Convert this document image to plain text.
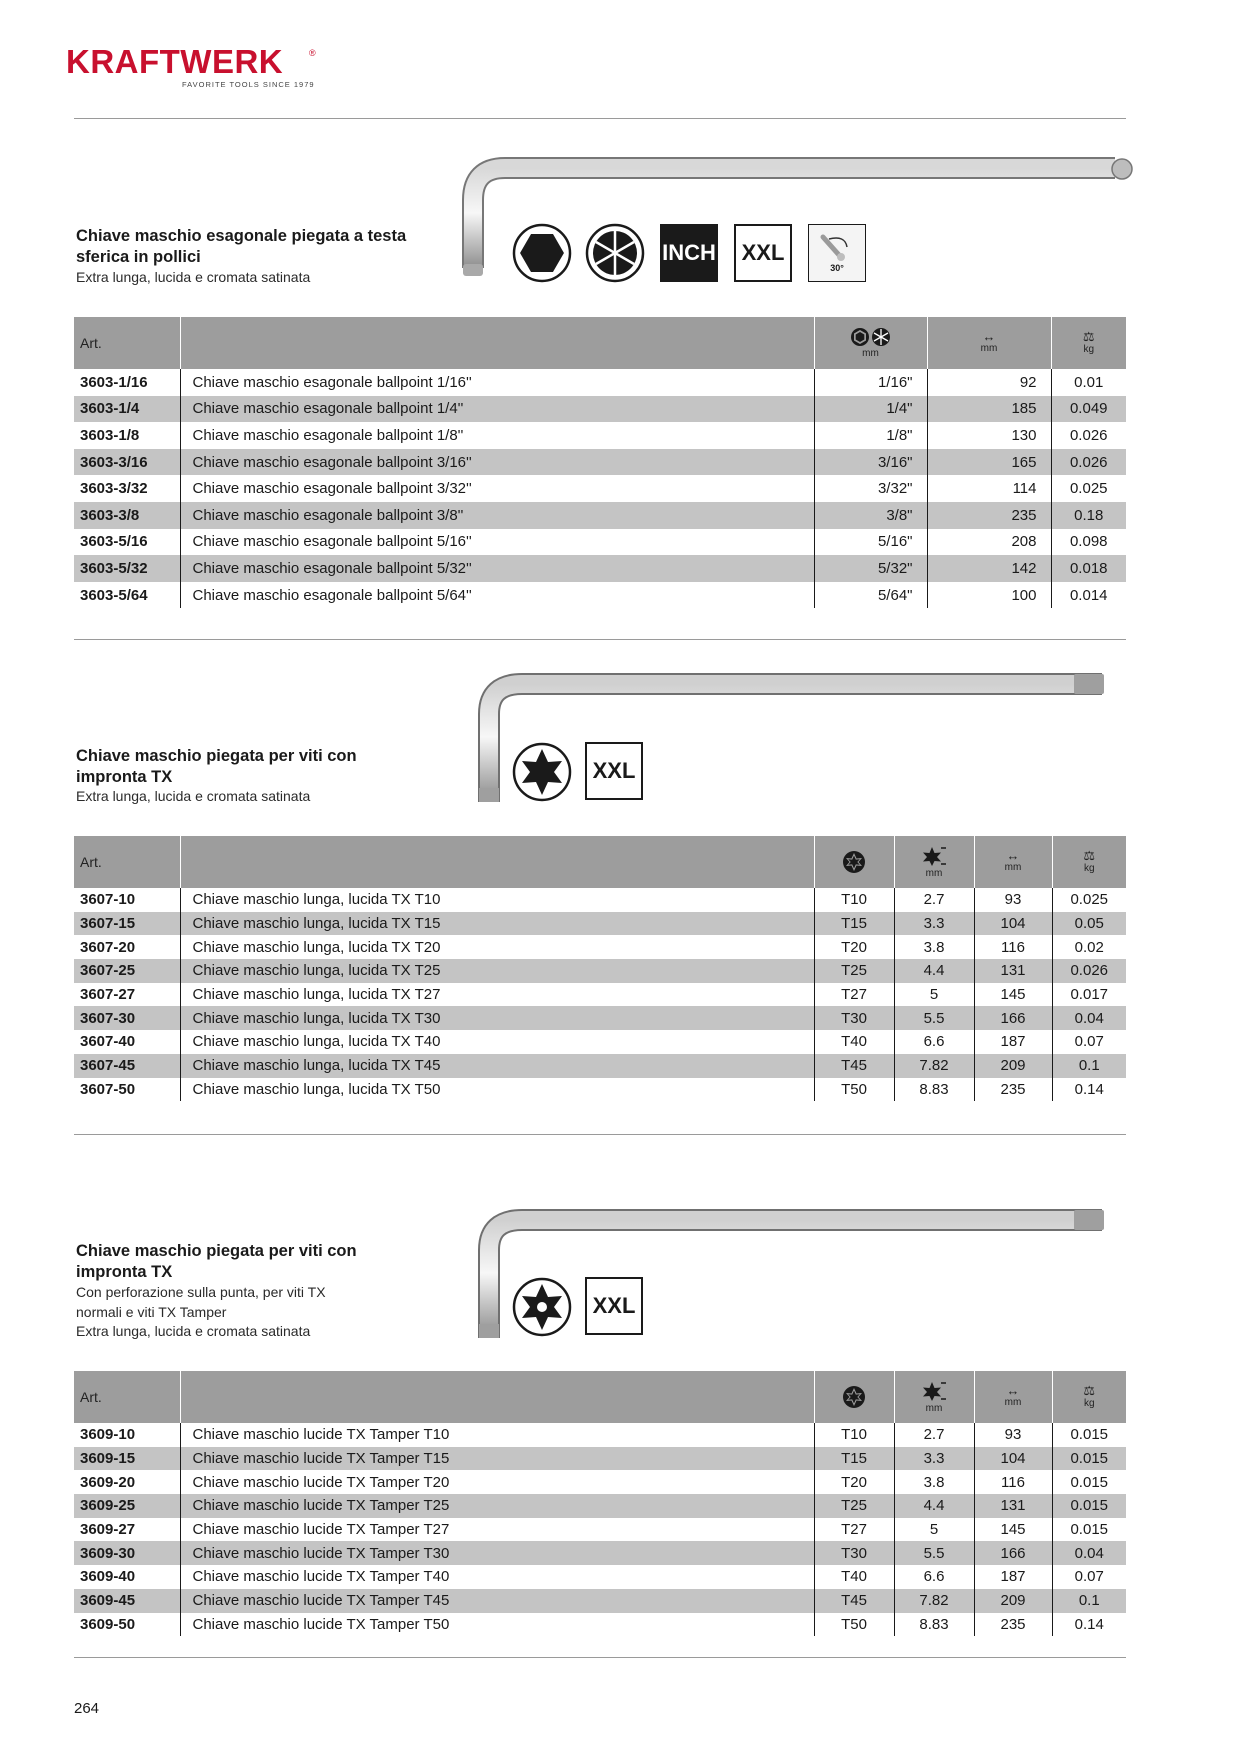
KRAFTWERK	®
FAVORITE TOOLS SINCE 1979
Chiave maschio esagonale piegata a testa sferica in pollici
Extra lunga, lucida e cromata satinata
INCH	XXL
30°
Art.		mm	↔
mm	⚖
kg

3603-1/16	Chiave maschio esagonale ballpoint 1/16''	1/16"	92	0.01
3603-1/4	Chiave maschio esagonale ballpoint 1/4''	1/4"	185	0.049
3603-1/8	Chiave maschio esagonale ballpoint 1/8''	1/8"	130	0.026
3603-3/16	Chiave maschio esagonale ballpoint 3/16''	3/16"	165	0.026
3603-3/32	Chiave maschio esagonale ballpoint 3/32''	3/32"	114	0.025
3603-3/8	Chiave maschio esagonale ballpoint 3/8''	3/8"	235	0.18
3603-5/16	Chiave maschio esagonale ballpoint 5/16''	5/16"	208	0.098
3603-5/32	Chiave maschio esagonale ballpoint 5/32''	5/32"	142	0.018
3603-5/64	Chiave maschio esagonale ballpoint 5/64''	5/64"	100	0.014
Chiave maschio piegata per viti con impronta TX
Extra lunga, lucida e cromata satinata
XXL
Art.			mm	↔
mm	⚖
kg

3607-10	Chiave maschio lunga, lucida TX T10	T10	2.7	93	0.025
3607-15	Chiave maschio lunga, lucida TX T15	T15	3.3	104	0.05
3607-20	Chiave maschio lunga, lucida TX T20	T20	3.8	116	0.02
3607-25	Chiave maschio lunga, lucida TX T25	T25	4.4	131	0.026
3607-27	Chiave maschio lunga, lucida TX T27	T27	5	145	0.017
3607-30	Chiave maschio lunga, lucida TX T30	T30	5.5	166	0.04
3607-40	Chiave maschio lunga, lucida TX T40	T40	6.6	187	0.07
3607-45	Chiave maschio lunga, lucida TX T45	T45	7.82	209	0.1
3607-50	Chiave maschio lunga, lucida TX T50	T50	8.83	235	0.14
Chiave maschio piegata per viti con impronta TX
Con perforazione sulla punta, per viti TX
normali e viti TX Tamper
Extra lunga, lucida e cromata satinata
XXL
Art.			mm	↔
mm	⚖
kg

3609-10	Chiave maschio lucide TX Tamper T10	T10	2.7	93	0.015
3609-15	Chiave maschio lucide TX Tamper T15	T15	3.3	104	0.015
3609-20	Chiave maschio lucide TX Tamper T20	T20	3.8	116	0.015
3609-25	Chiave maschio lucide TX Tamper T25	T25	4.4	131	0.015
3609-27	Chiave maschio lucide TX Tamper T27	T27	5	145	0.015
3609-30	Chiave maschio lucide TX Tamper T30	T30	5.5	166	0.04
3609-40	Chiave maschio lucide TX Tamper T40	T40	6.6	187	0.07
3609-45	Chiave maschio lucide TX Tamper T45	T45	7.82	209	0.1
3609-50	Chiave maschio lucide TX Tamper T50	T50	8.83	235	0.14
264
